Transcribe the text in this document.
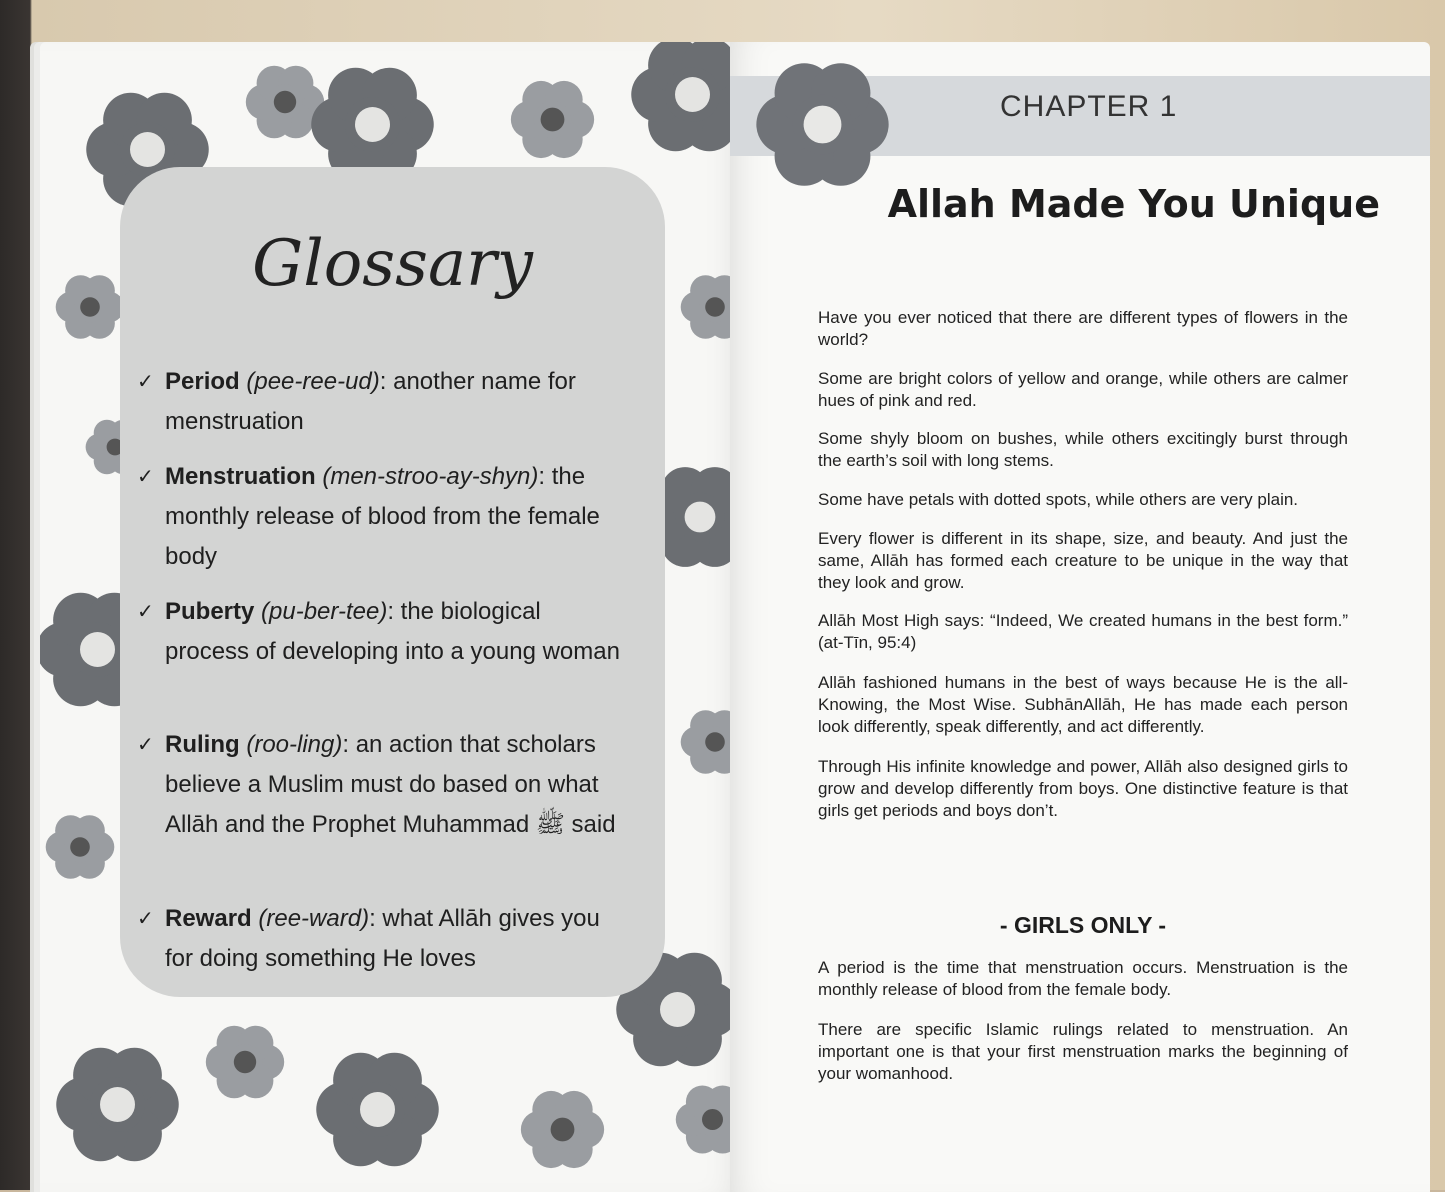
Glossary
✓ Period (pee-ree-ud): another name for menstruation
✓ Menstruation (men-stroo-ay-shyn): the monthly release of blood from the female body
✓ Puberty (pu-ber-tee): the biological process of developing into a young woman
✓ Ruling (roo-ling): an action that scholars believe a Muslim must do based on what Allāh and the Prophet Muhammad ﷺ said
✓ Reward (ree-ward): what Allāh gives you for doing something He loves
CHAPTER 1
Allah Made You Unique
Have you ever noticed that there are different types of flowers in the world?
Some are bright colors of yellow and orange, while others are calmer hues of pink and red.
Some shyly bloom on bushes, while others excitingly burst through the earth’s soil with long stems.
Some have petals with dotted spots, while others are very plain.
Every flower is different in its shape, size, and beauty. And just the same, Allāh has formed each creature to be unique in the way that they look and grow.
Allāh Most High says: “Indeed, We created humans in the best form.” (at-Tīn, 95:4)
Allāh fashioned humans in the best of ways because He is the all-Knowing, the Most Wise. SubhānAllāh, He has made each person look differently, speak differently, and act differently.
Through His infinite knowledge and power, Allāh also designed girls to grow and develop differently from boys. One distinctive feature is that girls get periods and boys don’t.
- GIRLS ONLY -
A period is the time that menstruation occurs. Menstruation is the monthly release of blood from the female body.
There are specific Islamic rulings related to menstruation. An important one is that your first menstruation marks the beginning of your womanhood.
